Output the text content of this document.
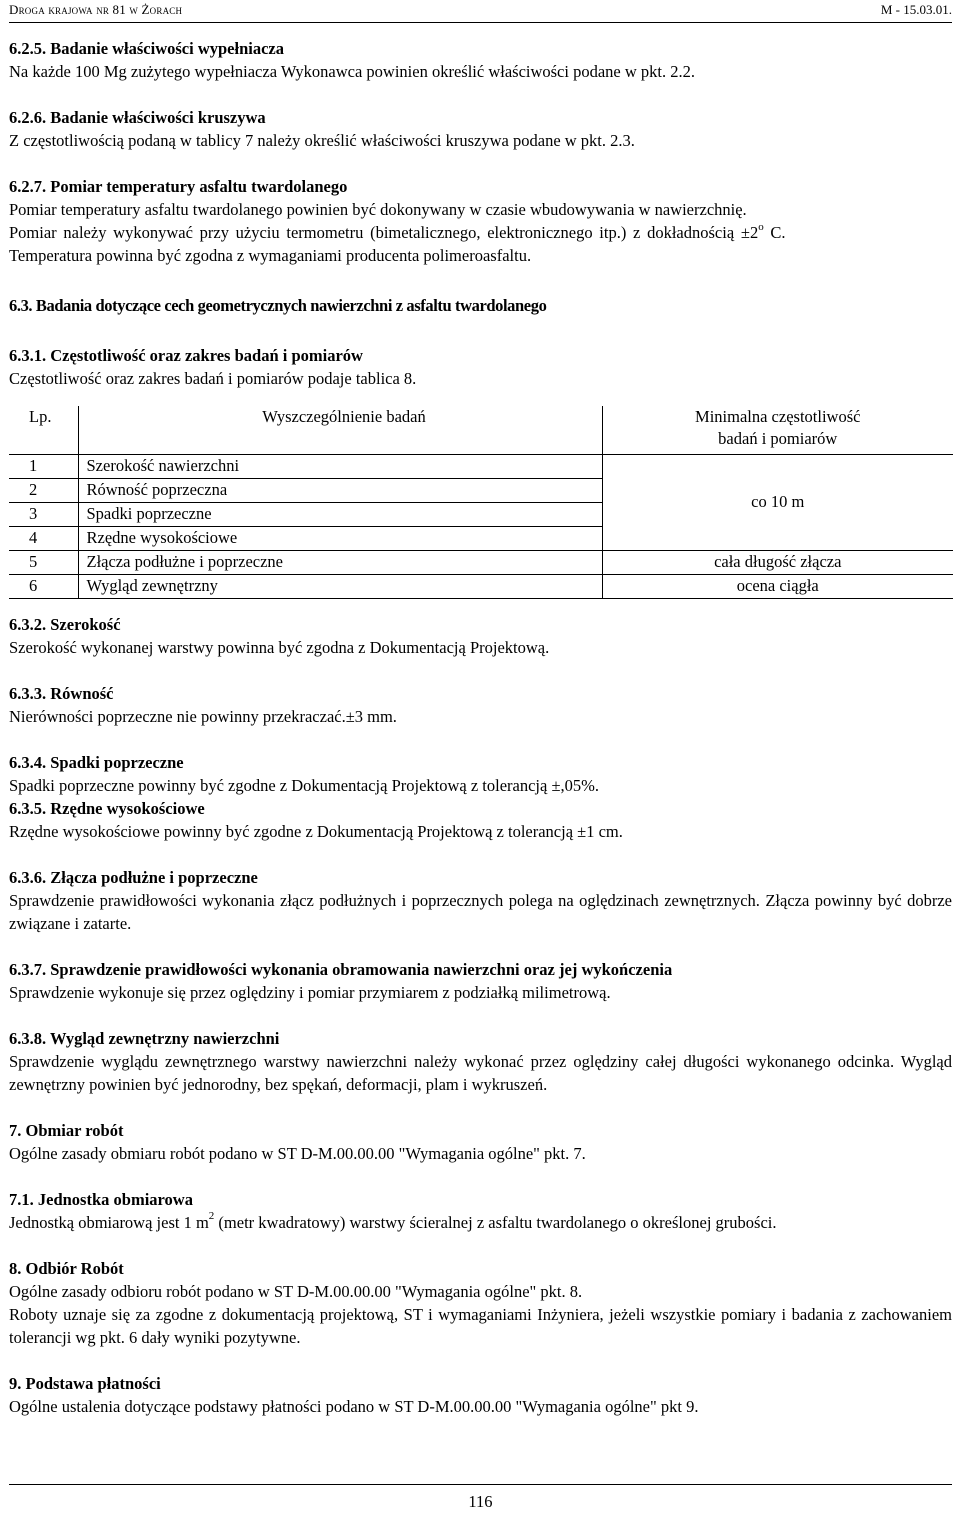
Droga krajowa nr 81 w Żorach	M - 15.03.01.
6.2.5. Badanie właściwości wypełniacza
Na każde 100 Mg zużytego wypełniacza Wykonawca powinien określić właściwości podane w pkt. 2.2.
6.2.6. Badanie właściwości kruszywa
Z częstotliwością podaną w tablicy 7 należy określić właściwości kruszywa podane w pkt. 2.3.
6.2.7. Pomiar temperatury asfaltu twardolanego
Pomiar temperatury asfaltu twardolanego powinien być dokonywany w czasie wbudowywania w nawierzchnię.
Pomiar należy wykonywać przy użyciu termometru (bimetalicznego, elektronicznego itp.) z dokładnością $\pm 2^o$ C.
Temperatura powinna być zgodna z wymaganiami producenta polimeroasfaltu.
6.3. Badania dotyczące cech geometrycznych nawierzchni z asfaltu twardolanego
6.3.1. Częstotliwość oraz zakres badań i pomiarów
Częstotliwość oraz zakres badań i pomiarów podaje tablica 8.
Lp.	Wyszczególnienie badań	Minimalna częstotliwość
badań i pomiarów

1	Szerokość nawierzchni	co 10 m
2	Równość poprzeczna	
3	Spadki poprzeczne	
4	Rzędne wysokościowe	
5	Złącza podłużne i poprzeczne	cała długość złącza
6	Wygląd zewnętrzny	ocena ciągła
6.3.2. Szerokość
Szerokość wykonanej warstwy powinna być zgodna z Dokumentacją Projektową.
6.3.3. Równość
Nierówności poprzeczne nie powinny przekraczać.±3 mm.
6.3.4. Spadki poprzeczne
Spadki poprzeczne powinny być zgodne z Dokumentacją Projektową z tolerancją ±,05%.
6.3.5. Rzędne wysokościowe
Rzędne wysokościowe powinny być zgodne z Dokumentacją Projektową z tolerancją ±1 cm.
6.3.6. Złącza podłużne i poprzeczne
Sprawdzenie prawidłowości wykonania złącz podłużnych i poprzecznych polega na oględzinach zewnętrznych. Złącza powinny być dobrze związane i zatarte.
6.3.7. Sprawdzenie prawidłowości wykonania obramowania nawierzchni oraz jej wykończenia
Sprawdzenie wykonuje się przez oględziny i pomiar przymiarem z podziałką milimetrową.
6.3.8. Wygląd zewnętrzny nawierzchni
Sprawdzenie wyglądu zewnętrznego warstwy nawierzchni należy wykonać przez oględziny całej długości wykonanego odcinka. Wygląd zewnętrzny powinien być jednorodny, bez spękań, deformacji, plam i wykruszeń.
7. Obmiar robót
Ogólne zasady obmiaru robót podano w ST D-M.00.00.00 "Wymagania ogólne" pkt. 7.
7.1. Jednostka obmiarowa
Jednostką obmiarową jest 1 $m^2$ (metr kwadratowy) warstwy ścieralnej z asfaltu twardolanego o określonej grubości.
8. Odbiór Robót
Ogólne zasady odbioru robót podano w ST D-M.00.00.00 "Wymagania ogólne" pkt. 8.
Roboty uznaje się za zgodne z dokumentacją projektową, ST i wymaganiami Inżyniera, jeżeli wszystkie pomiary i badania z zachowaniem tolerancji wg pkt. 6 dały wyniki pozytywne.
9. Podstawa płatności
Ogólne ustalenia dotyczące podstawy płatności podano w ST D-M.00.00.00 "Wymagania ogólne" pkt 9.
116
